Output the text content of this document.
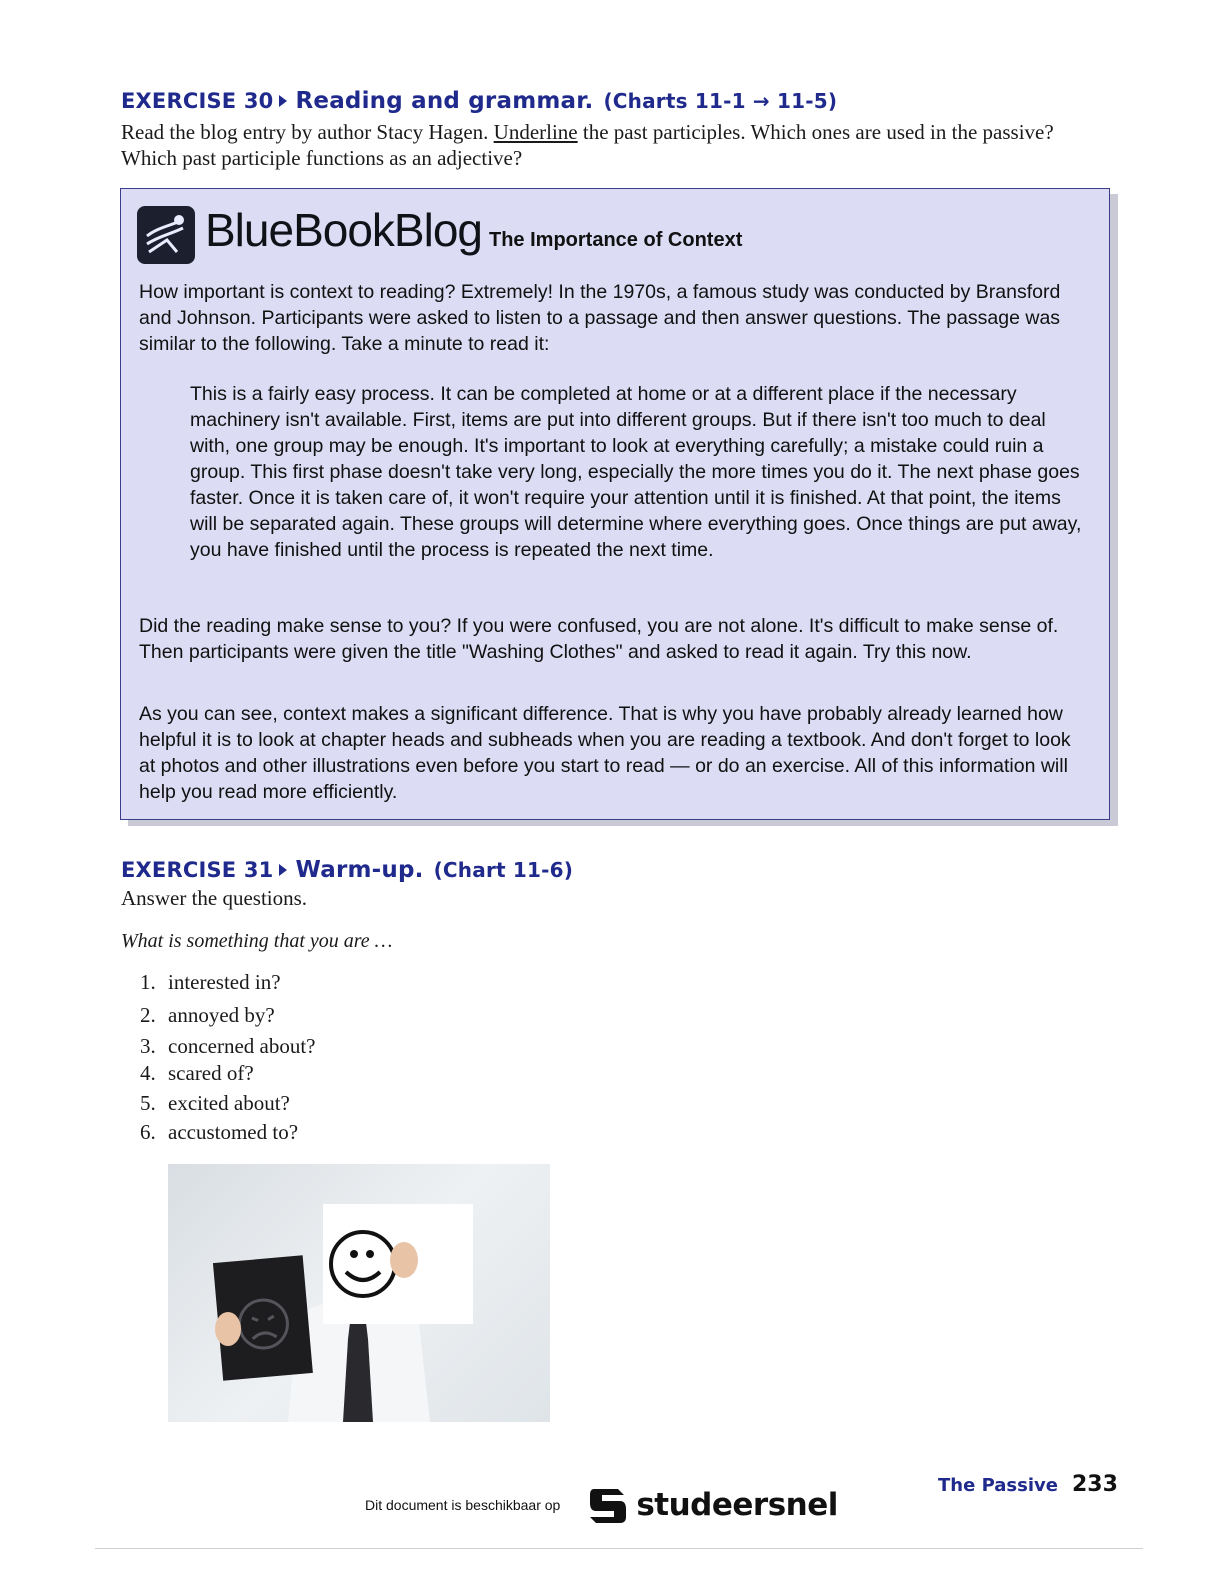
EXERCISE 30 Reading and grammar. (Charts 11-1 → 11-5)
Read the blog entry by author Stacy Hagen. Underline the past participles. Which ones are used in the passive? Which past participle functions as an adjective?
BlueBookBlog The Importance of Context

How important is context to reading? Extremely! In the 1970s, a famous study was conducted by Bransford and Johnson. Participants were asked to listen to a passage and then answer questions. The passage was similar to the following. Take a minute to read it:

This is a fairly easy process. It can be completed at home or at a different place if the necessary machinery isn't available. First, items are put into different groups. But if there isn't too much to deal with, one group may be enough. It's important to look at everything carefully; a mistake could ruin a group. This first phase doesn't take very long, especially the more times you do it. The next phase goes faster. Once it is taken care of, it won't require your attention until it is finished. At that point, the items will be separated again. These groups will determine where everything goes. Once things are put away, you have finished until the process is repeated the next time.

Did the reading make sense to you? If you were confused, you are not alone. It's difficult to make sense of. Then participants were given the title "Washing Clothes" and asked to read it again. Try this now.

As you can see, context makes a significant difference. That is why you have probably already learned how helpful it is to look at chapter heads and subheads when you are reading a textbook. And don't forget to look at photos and other illustrations even before you start to read — or do an exercise. All of this information will help you read more efficiently.

EXERCISE 31 Warm-up. (Chart 11-6)
Answer the questions.
What is something that you are …
1. interested in?
2. annoyed by?
3. concerned about?
4. scared of?
5. excited about?
6. accustomed to?
Dit document is beschikbaar op studeersnel
The Passive 233
